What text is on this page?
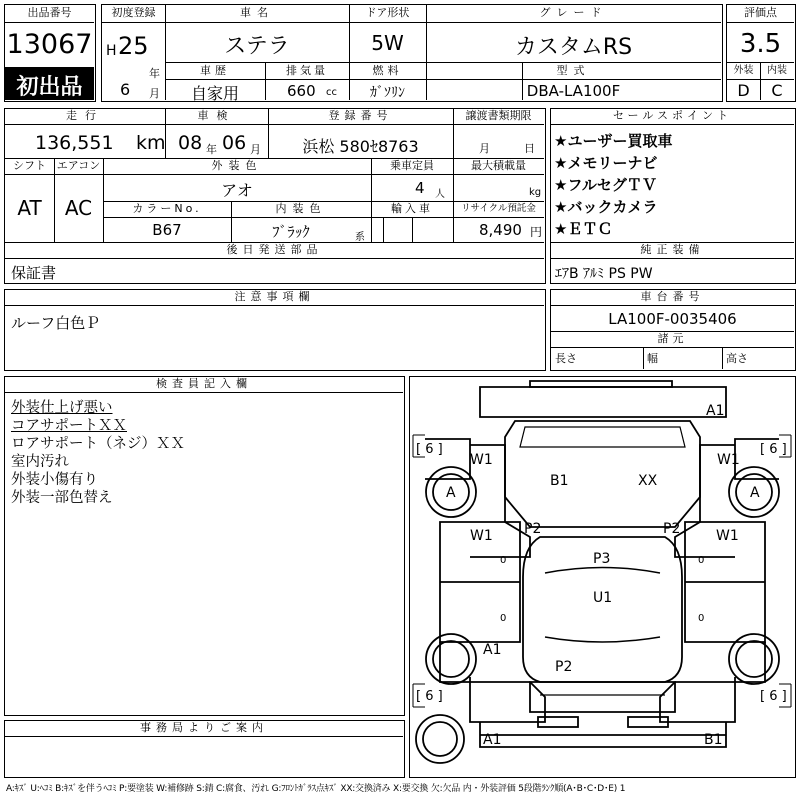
出品番号
13067
初出品
初度登録
H 25
年
6 月
車名
ステラ
ドア形状
5W
グレード
カスタムRS
車歴
自家用
排気量
660 cc
燃料
ｶﾞｿﾘﾝ
型式
DBA-LA100F
評価点
3.5
外装	内装
D	C
走行
136,551 km
車検
08 年 06 月
登録番号
浜松 580ｾ8763
譲渡書類期限
月	日
シフト
AT
エアコン
AC
外装色
アオ
乗車定員
4 人
最大積載量
kg
カラーNo.
B67
内装色
ﾌﾞﾗｯｸ	系
輸入車	リサイクル預託金
8,490 円
後日発送部品
保証書
セールスポイント
★ユーザー買取車
★メモリーナビ
★フルセグＴＶ
★バックカメラ
★ＥＴＣ
純正装備
ｴｱB ｱﾙﾐ PS PW
注意事項欄
ルーフ白色Ｐ
車台番号
LA100F-0035406
諸元
長さ	幅	高さ
検査員記入欄
外装仕上げ悪い
コアサポートＸＸ
ロアサポート（ネジ）ＸＸ
室内汚れ
外装小傷有り
外装一部色替え
事務局よりご案内
[ 6 ]	[ 6 ]
[ 6 ]	[ 6 ]
A1
W1	W1
A	A
B1	XX
P2	P2
W1	W1
0	0
0	0
P3
U1
A1
P2
A1	B1
A:ｷｽﾞ U:ﾍｺﾐ B:ｷｽﾞを伴うﾍｺﾐ P:要塗装 W:補修跡 S:錆 C:腐食、汚れ G:ﾌﾛﾝﾄｶﾞﾗｽ点ｷｽﾞ XX:交換済み X:要交換 欠:欠品 内・外装評価 5段階ﾗﾝｸ順(A･B･C･D･E) 1
